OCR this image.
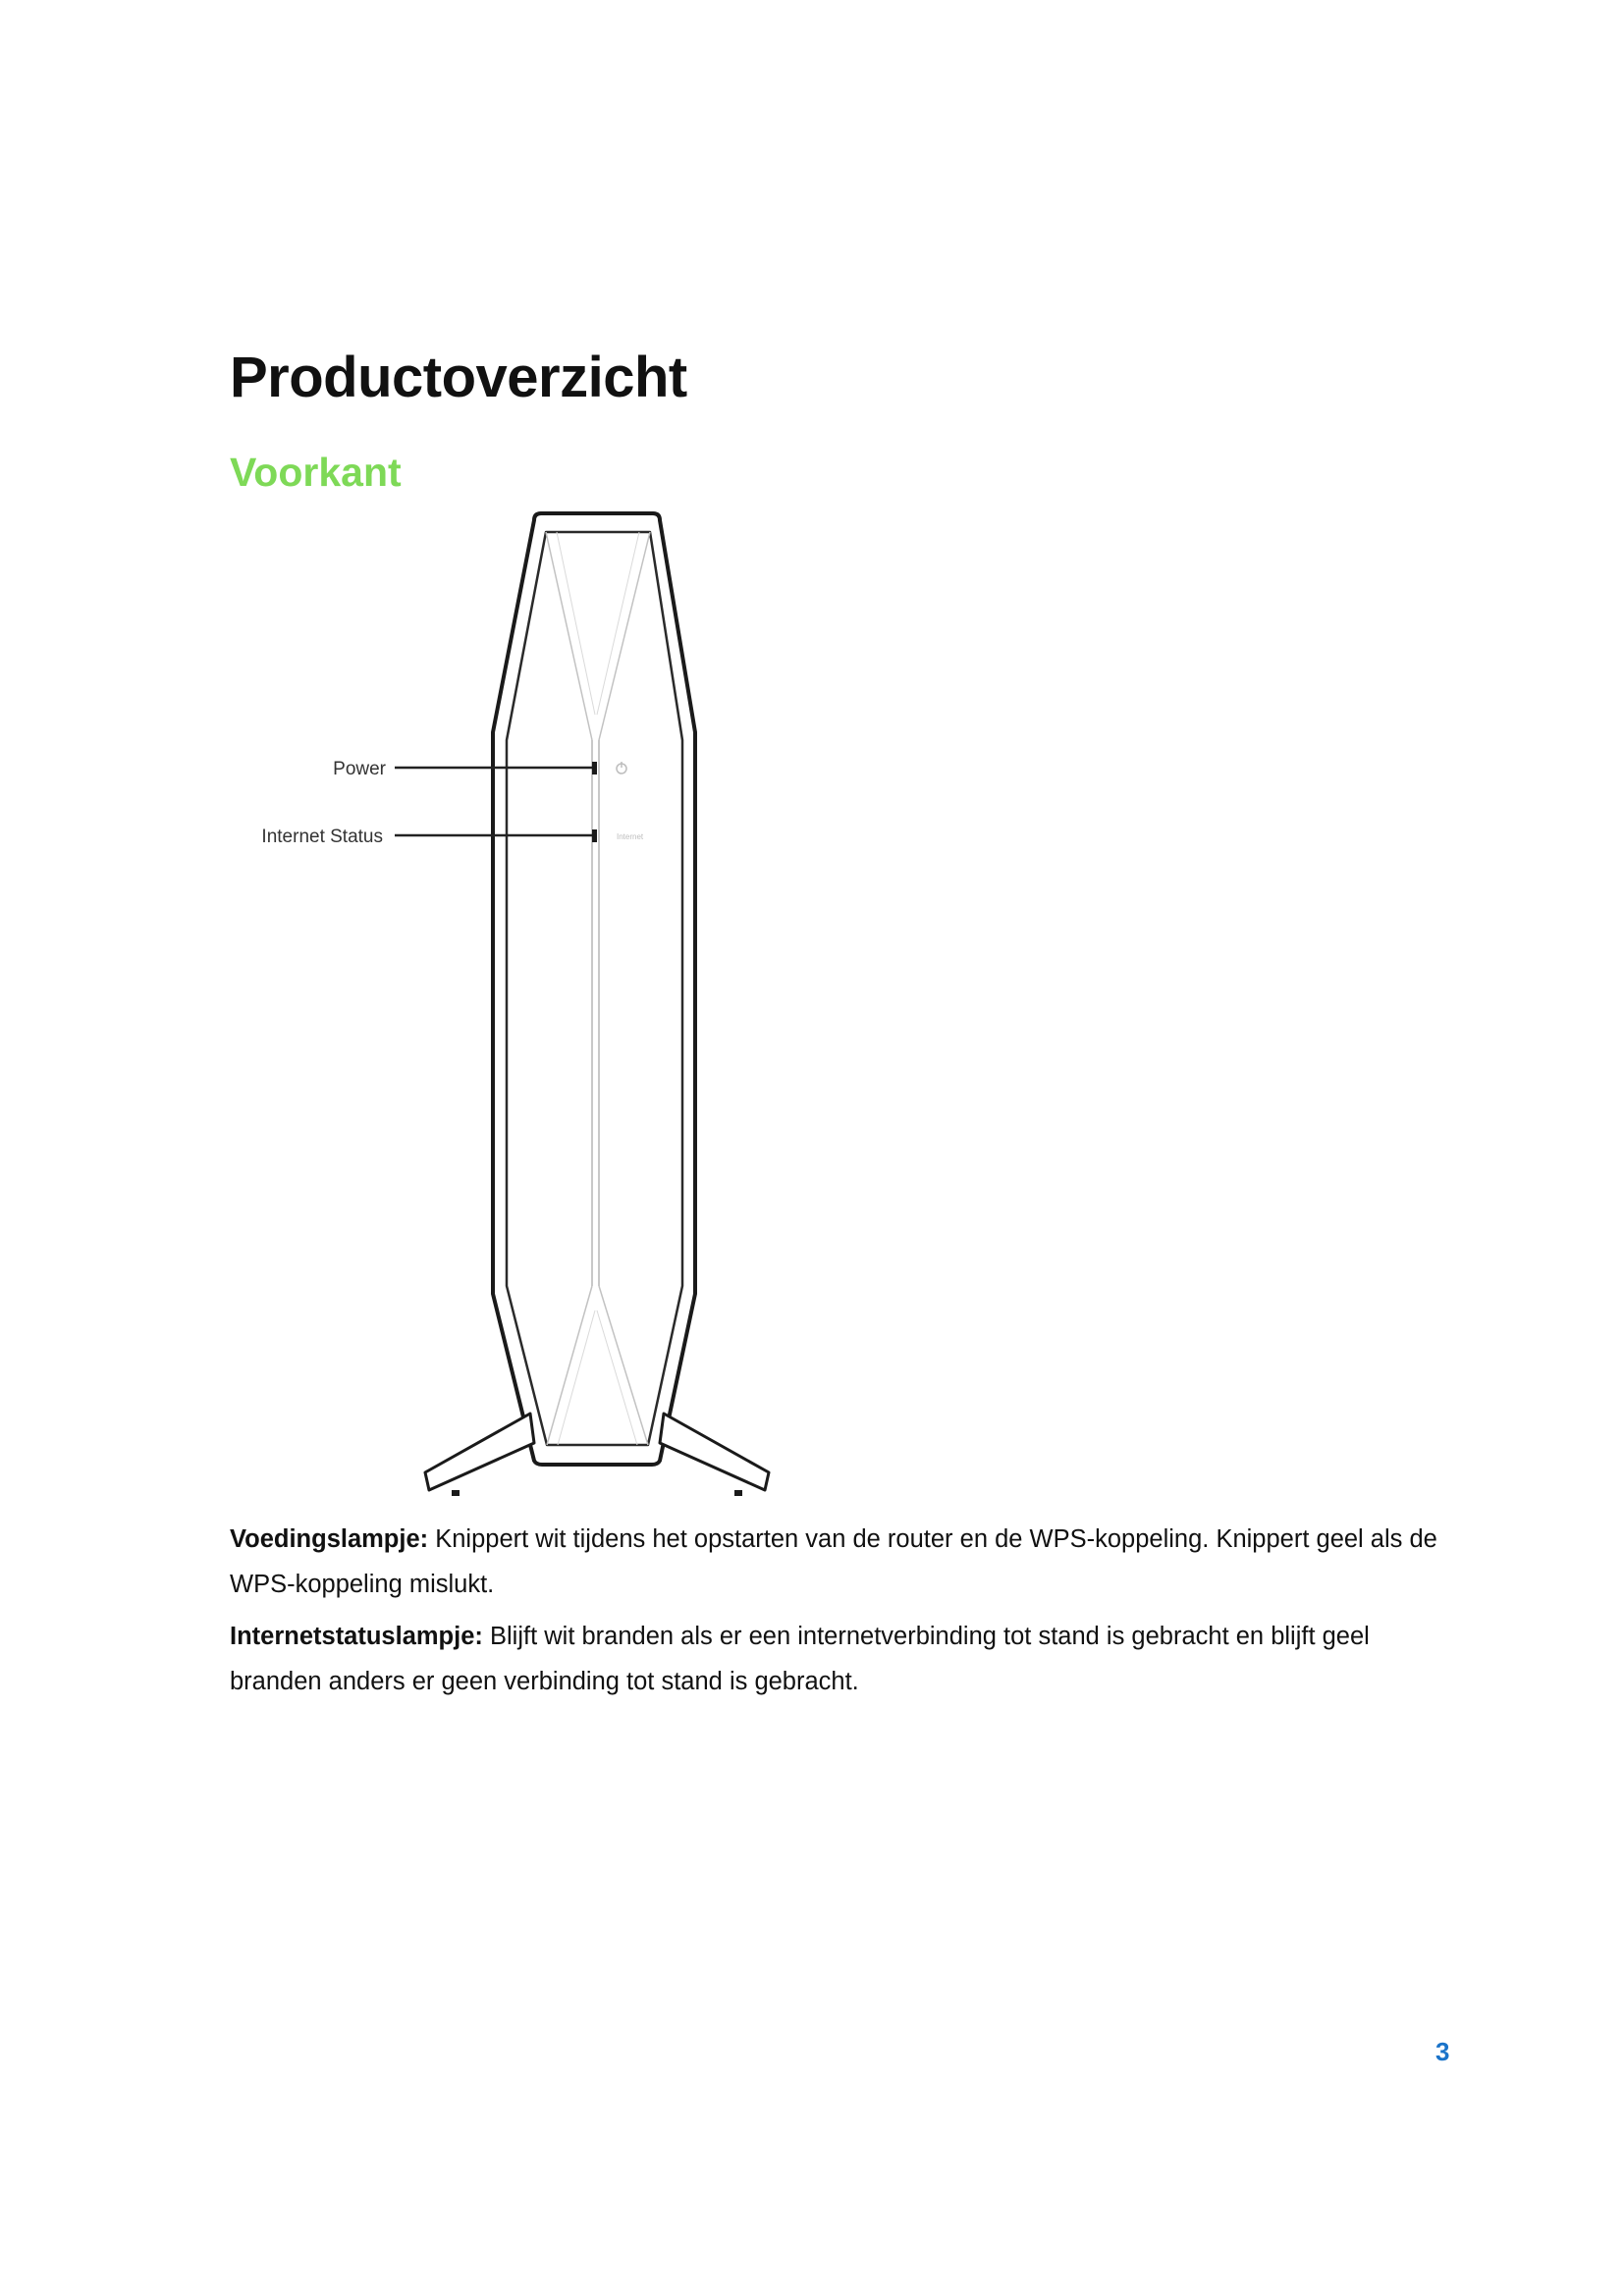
Productoverzicht
Voorkant
Internet
Power
Internet Status

Voedingslampje: Knippert wit tijdens het opstarten van de router en de WPS-koppeling. Knippert geel als de WPS-koppeling mislukt.

Internetstatuslampje: Blijft wit branden als er een internetverbinding tot stand is gebracht en blijft geel branden anders er geen verbinding tot stand is gebracht.

3
